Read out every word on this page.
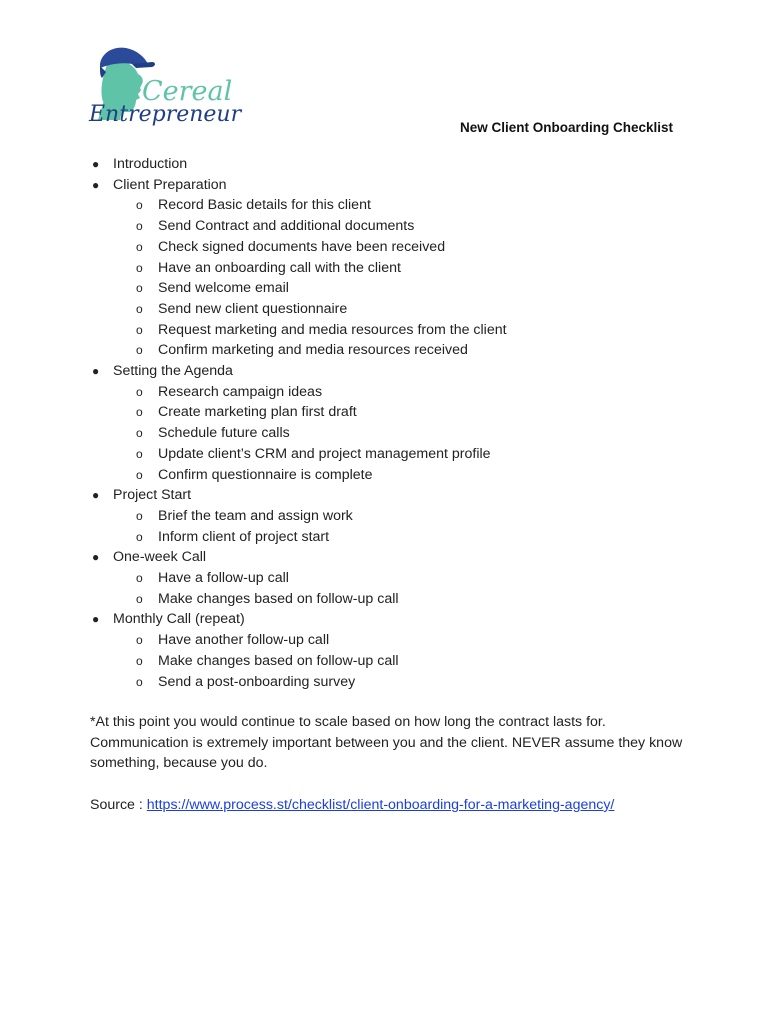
Cereal
Entrepreneur
New Client Onboarding Checklist
● Introduction
● Client Preparation
o Record Basic details for this client
o Send Contract and additional documents
o Check signed documents have been received
o Have an onboarding call with the client
o Send welcome email
o Send new client questionnaire
o Request marketing and media resources from the client
o Confirm marketing and media resources received
● Setting the Agenda
o Research campaign ideas
o Create marketing plan first draft
o Schedule future calls
o Update client’s CRM and project management profile
o Confirm questionnaire is complete
● Project Start
o Brief the team and assign work
o Inform client of project start
● One-week Call
o Have a follow-up call
o Make changes based on follow-up call
● Monthly Call (repeat)
o Have another follow-up call
o Make changes based on follow-up call
o Send a post-onboarding survey
*At this point you would continue to scale based on how long the contract lasts for. Communication is extremely important between you and the client. NEVER assume they know something, because you do.
Source : https://www.process.st/checklist/client-onboarding-for-a-marketing-agency/
